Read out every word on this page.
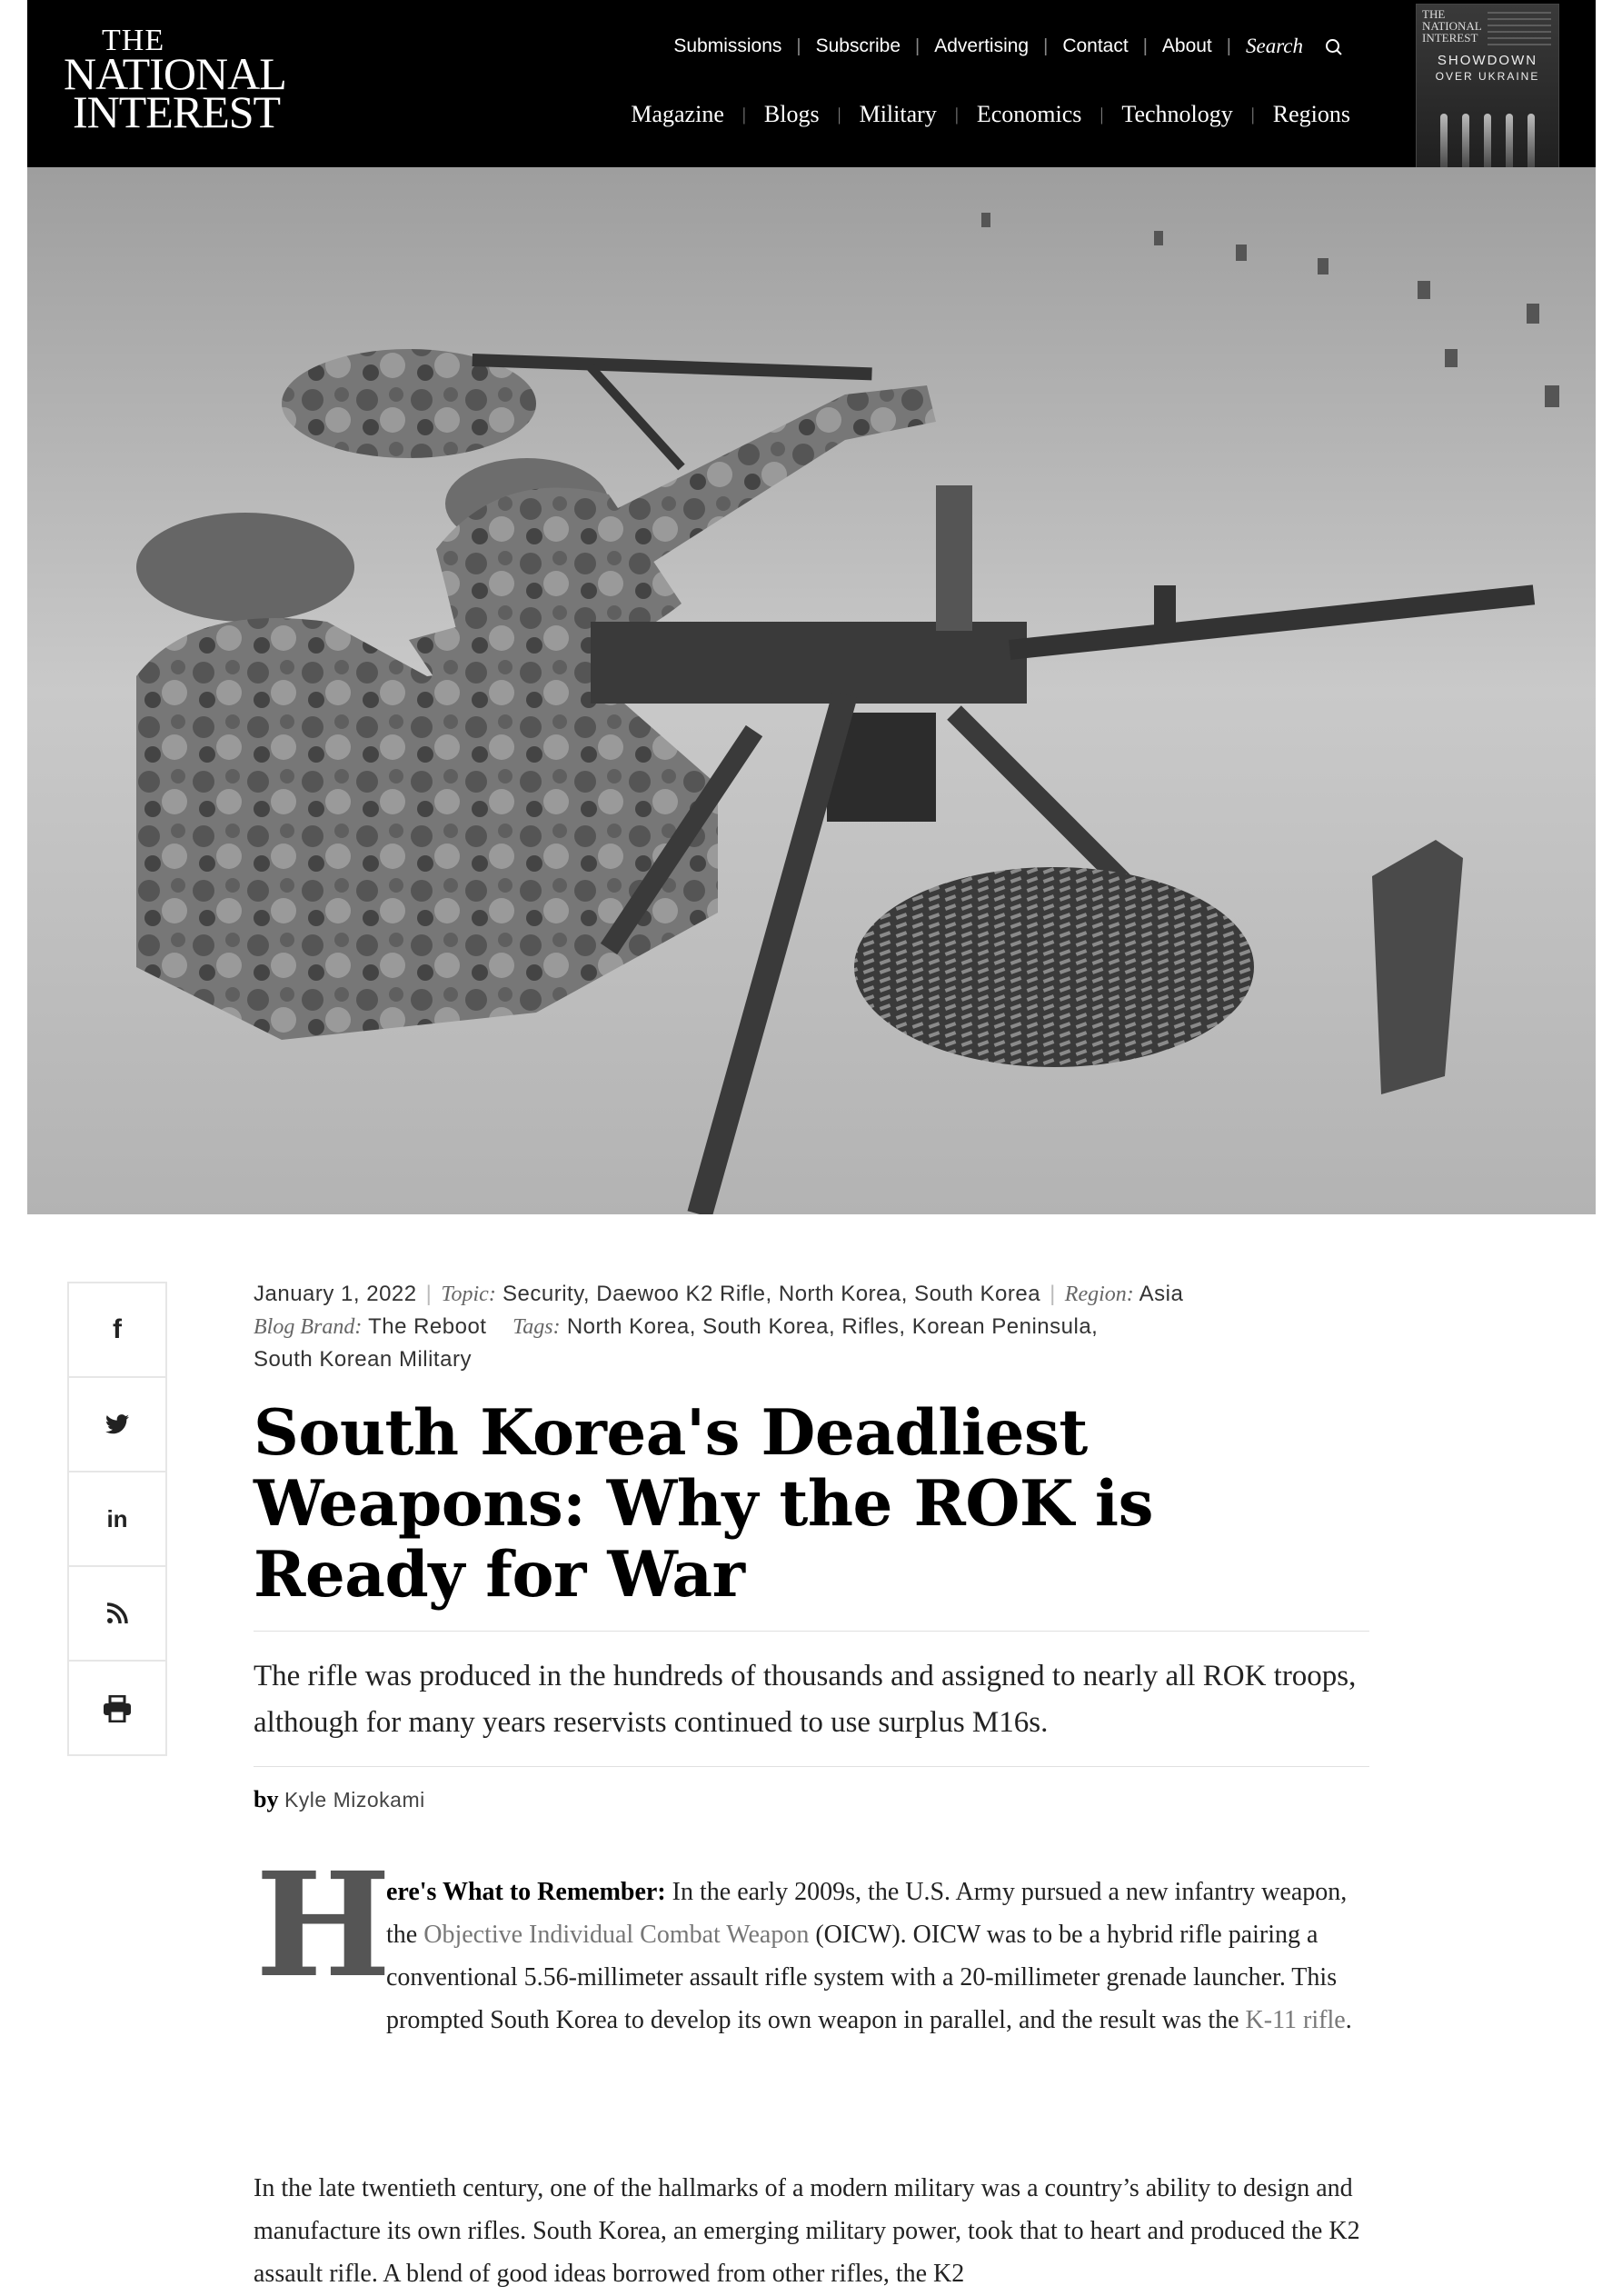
THE
NATIONAL
INTEREST
Submissions | Subscribe | Advertising | Contact | About | Search
Magazine	| Blogs	| Military	| Economics	| Technology	| Regions
THE NATIONAL INTEREST
SHOWDOWN
OVER UKRAINE
f
in
January 1, 2022 | Topic: Security, Daewoo K2 Rifle, North Korea, South Korea | Region: Asia
Blog Brand: The Reboot Tags: North Korea, South Korea, Rifles, Korean Peninsula,
South Korean Military
South Korea's Deadliest Weapons: Why the ROK is Ready for War
The rifle was produced in the hundreds of thousands and assigned to nearly all ROK troops, although for many years reservists continued to use surplus M16s.
by Kyle Mizokami
H
ere's What to Remember: In the early 2009s, the U.S. Army pursued a new infantry weapon, the Objective Individual Combat Weapon (OICW). OICW was to be a hybrid rifle pairing a conventional 5.56-millimeter assault rifle system with a 20-millimeter grenade launcher. This prompted South Korea to develop its own weapon in parallel, and the result was the K-11 rifle.
In the late twentieth century, one of the hallmarks of a modern military was a country’s ability to design and manufacture its own rifles. South Korea, an emerging military power, took that to heart and produced the K2 assault rifle. A blend of good ideas borrowed from other rifles, the K2
